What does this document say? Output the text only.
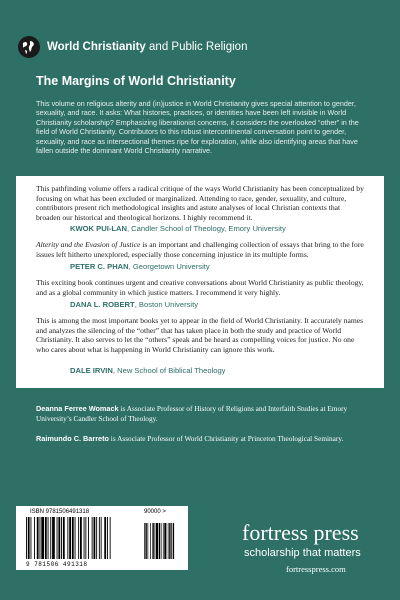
World Christianity and Public Religion
The Margins of World Christianity
This volume on religious alterity and (in)justice in World Christianity gives special attention to gender, sexuality, and race. It asks: What histories, practices, or identities have been left invisible in World Christianity scholarship? Emphasizing liberationist concerns, it considers the overlooked “other” in the field of World Christianity. Contributors to this robust intercontinental conversation point to gender, sexuality, and race as intersectional themes ripe for exploration, while also identifying areas that have fallen outside the dominant World Christianity narrative.
This pathfinding volume offers a radical critique of the ways World Christianity has been conceptualized by focusing on what has been excluded or marginalized. Attending to race, gender, sexuality, and culture, contributors present rich methodological insights and astute analyses of local Christian contexts that broaden our historical and theological horizons. I highly recommend it.
KWOK PUI-LAN, Candler School of Theology, Emory University
Alterity and the Evasion of Justice is an important and challenging collection of essays that bring to the fore issues left hitherto unexplored, especially those concerning injustice in its multiple forms.
PETER C. PHAN, Georgetown University
This exciting book continues urgent and creative conversations about World Christianity as public theology, and as a global community in which justice matters. I recommend it very highly.
DANA L. ROBERT, Boston University
This is among the most important books yet to appear in the field of World Christianity. It accurately names and analyzes the silencing of the “other” that has taken place in both the study and practice of World Christianity. It also serves to let the “others” speak and be heard as compelling voices for justice. No one who cares about what is happening in World Christianity can ignore this work.
DALE IRVIN, New School of Biblical Theology
Deanna Ferree Womack is Associate Professor of History of Religions and Interfaith Studies at Emory University’s Candler School of Theology.
Raimundo C. Barreto is Associate Professor of World Christianity at Princeton Theological Seminary.
ISBN 9781506491318	90000 >
9 781506 491318
fortress press
scholarship that matters
fortresspress.com
